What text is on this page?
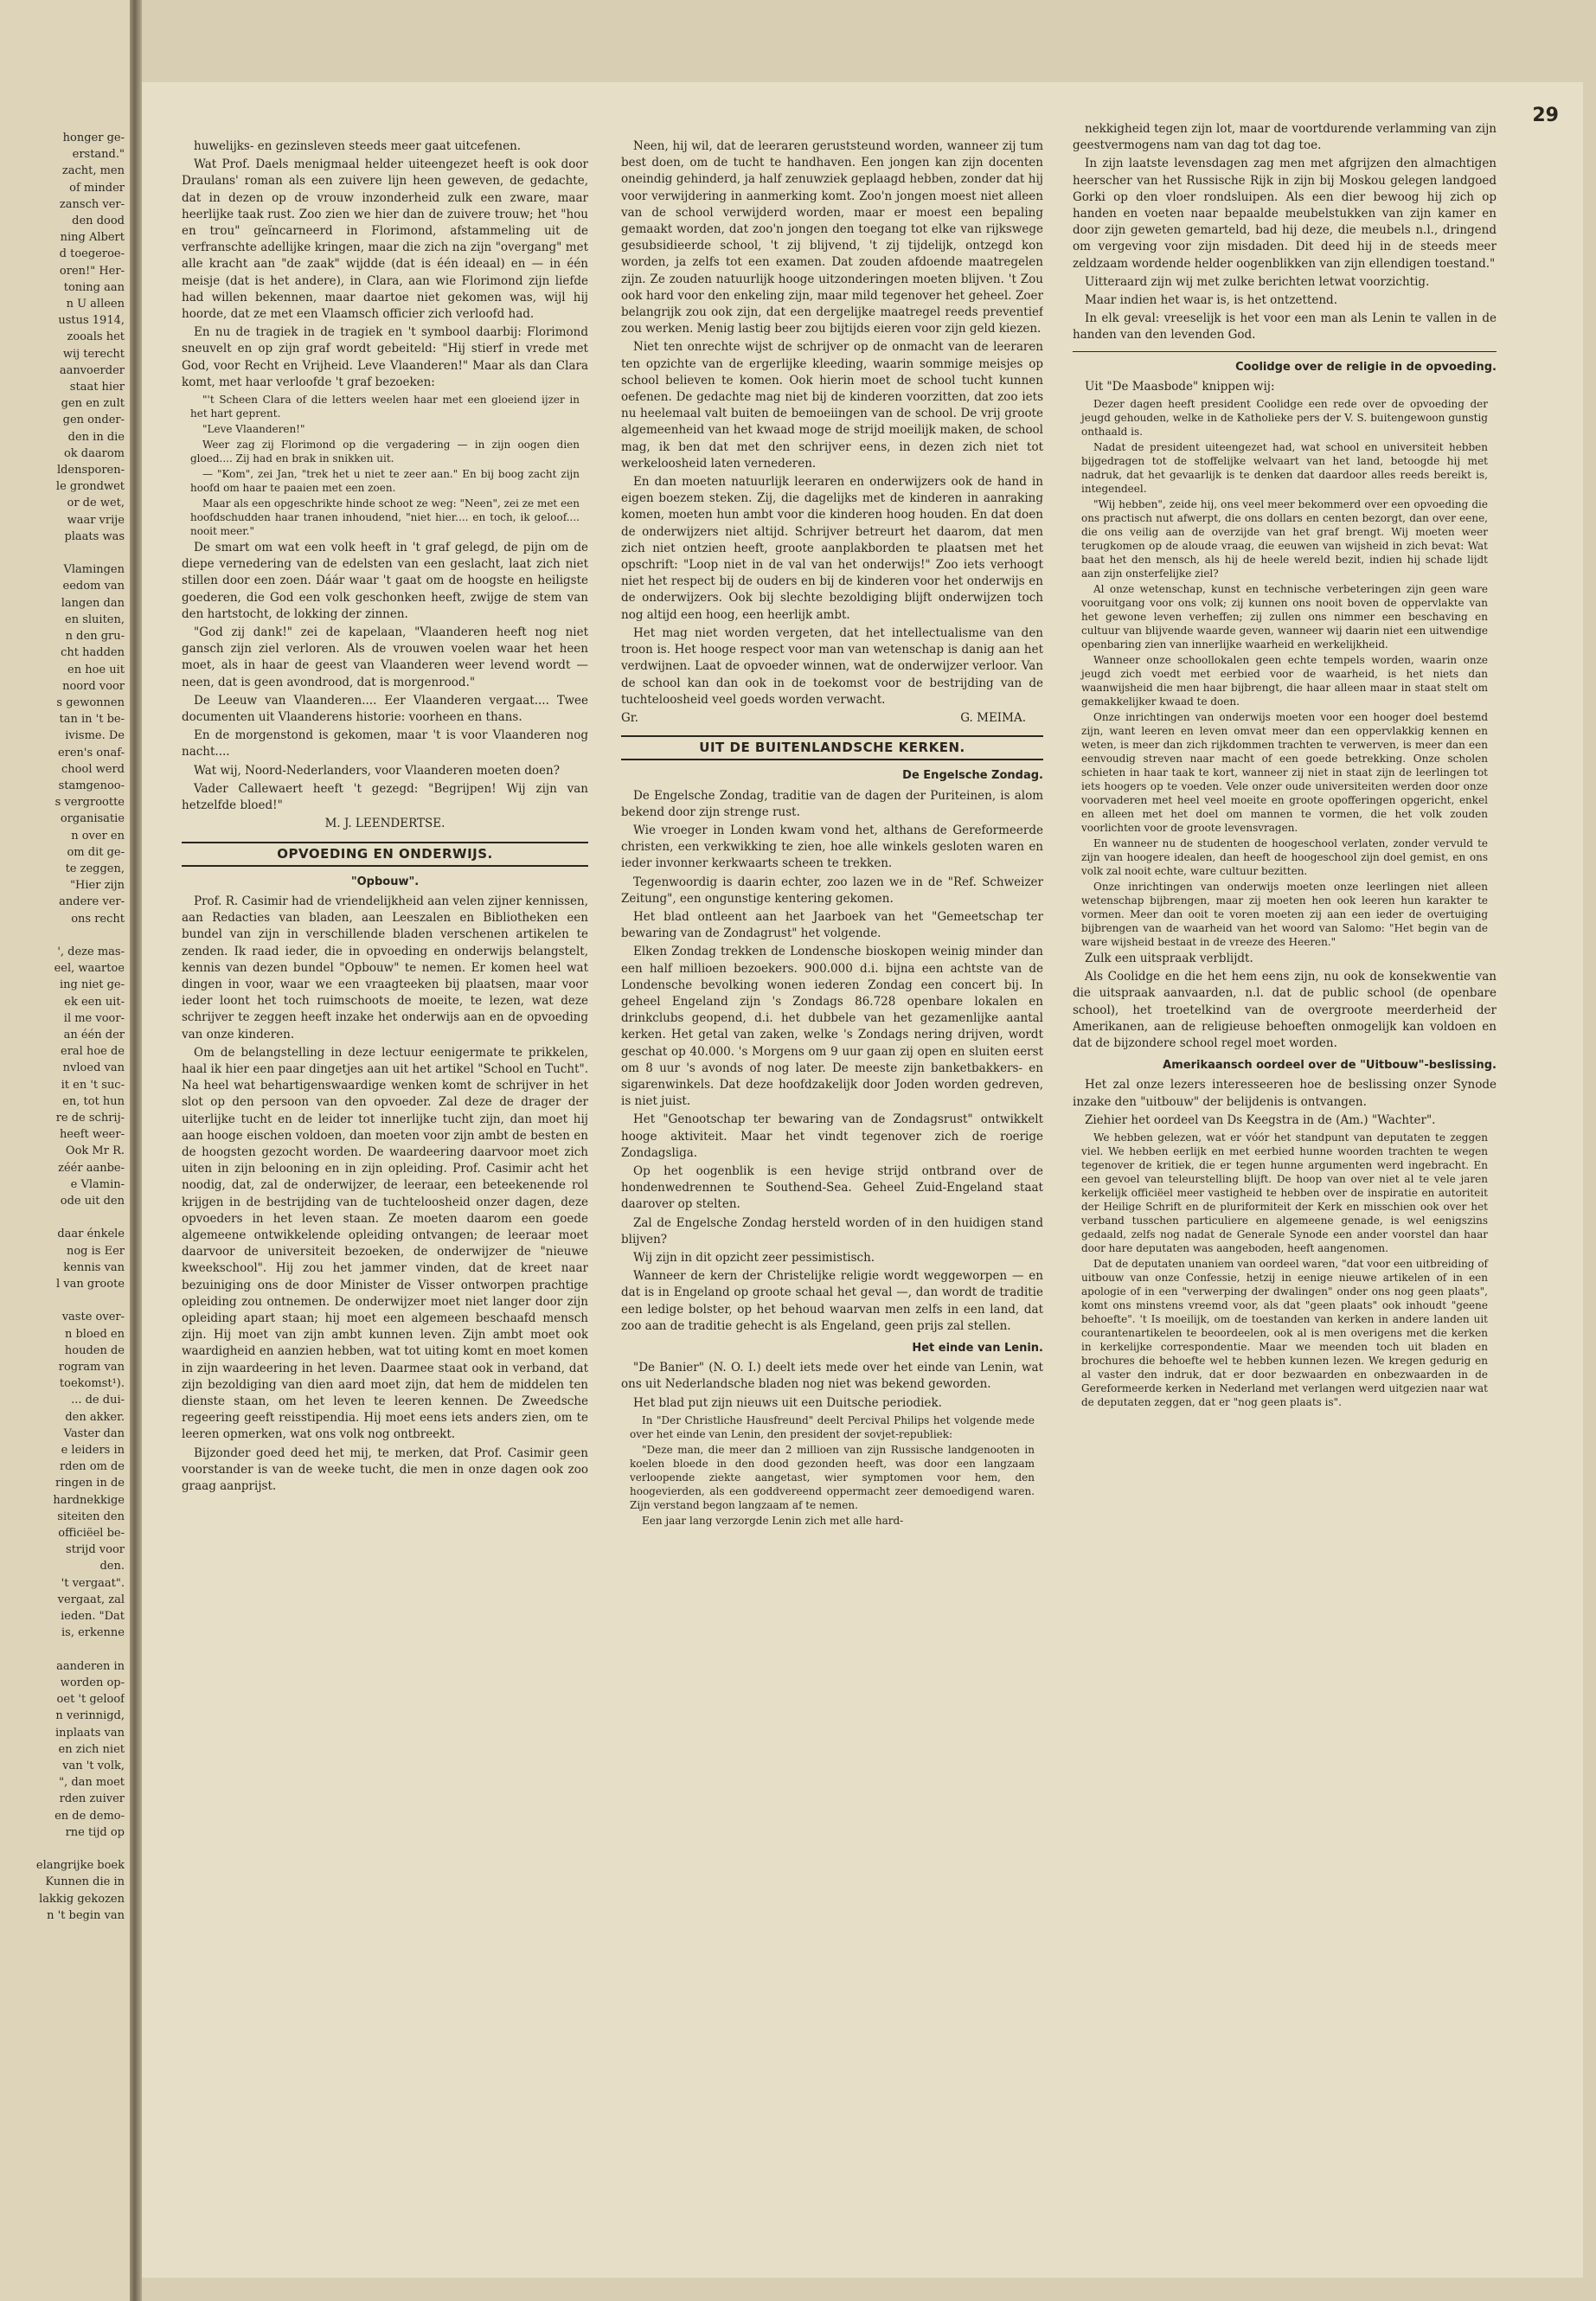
honger ge-
erstand."
zacht, men
of minder
zansch ver-
den dood
ning Albert
d toegeroe-
oren!" Her-
toning aan
n U alleen
ustus 1914,
zooals het
wij terecht
aanvoerder
staat hier
gen en zult
gen onder-
den in die
ok daarom
ldensporen-
le grondwet
or de wet,
waar vrije
plaats was

Vlamingen
eedom van
langen dan
en sluiten,
n den gru-
cht hadden
en hoe uit
noord voor
s gewonnen
tan in 't be-
ivisme. De
eren's onaf-
chool werd
stamgenoo-
s vergrootte
organisatie
n over en
om dit ge-
te zeggen,
"Hier zijn
andere ver-
ons recht

', deze mas-
eel, waartoe
ing niet ge-
ek een uit-
il me voor-
an één der
eral hoe de
nvloed van
it en 't suc-
en, tot hun
re de schrij-
heeft weer-
Ook Mr R.
zéér aanbe-
e Vlamin-
ode uit den

daar énkele
nog is Eer
kennis van
l van groote

vaste over-
n bloed en
houden de
rogram van
toekomst¹).
... de dui-
den akker.
Vaster dan
e leiders in
rden om de
ringen in de
hardnekkige
siteiten den
officiëel be-
strijd voor
den.
't vergaat".
vergaat, zal
ieden. "Dat
is, erkenne

aanderen in
worden op-
oet 't geloof
n verinnigd,
inplaats van
en zich niet
van 't volk,
", dan moet
rden zuiver
en de demo-
rne tijd op

elangrijke boek
Kunnen die in
lakkig gekozen
n 't begin van
29

huwelijks- en gezinsleven steeds meer gaat uitcefenen.

Wat Prof. Daels menigmaal helder uiteengezet heeft is ook door Draulans' roman als een zuivere lijn heen geweven, de gedachte, dat in dezen op de vrouw inzonderheid zulk een zware, maar heerlijke taak rust. Zoo zien we hier dan de zuivere trouw; het "hou en trou" geïncarneerd in Florimond, afstammeling uit de verfranschte adellijke kringen, maar die zich na zijn "overgang" met alle kracht aan "de zaak" wijdde (dat is één ideaal) en — in één meisje (dat is het andere), in Clara, aan wie Florimond zijn liefde had willen bekennen, maar daartoe niet gekomen was, wijl hij hoorde, dat ze met een Vlaamsch officier zich verloofd had.

En nu de tragiek in de tragiek en 't symbool daarbij: Florimond sneuvelt en op zijn graf wordt gebeiteld: "Hij stierf in vrede met God, voor Recht en Vrijheid. Leve Vlaanderen!" Maar als dan Clara komt, met haar verloofde 't graf bezoeken:

"'t Scheen Clara of die letters weelen haar met een gloeiend ijzer in het hart geprent.

"Leve Vlaanderen!"

Weer zag zij Florimond op die vergadering — in zijn oogen dien gloed.... Zij had en brak in snikken uit.

— "Kom", zei Jan, "trek het u niet te zeer aan." En bij boog zacht zijn hoofd om haar te paaien met een zoen.

Maar als een opgeschrikte hinde schoot ze weg: "Neen", zei ze met een hoofdschudden haar tranen inhoudend, "niet hier.... en toch, ik geloof.... nooit meer."

De smart om wat een volk heeft in 't graf gelegd, de pijn om de diepe vernedering van de edelsten van een geslacht, laat zich niet stillen door een zoen. Dáár waar 't gaat om de hoogste en heiligste goederen, die God een volk geschonken heeft, zwijge de stem van den hartstocht, de lokking der zinnen.

"God zij dank!" zei de kapelaan, "Vlaanderen heeft nog niet gansch zijn ziel verloren. Als de vrouwen voelen waar het heen moet, als in haar de geest van Vlaanderen weer levend wordt — neen, dat is geen avondrood, dat is morgenrood."

De Leeuw van Vlaanderen.... Eer Vlaanderen vergaat.... Twee documenten uit Vlaanderens historie: voorheen en thans.

En de morgenstond is gekomen, maar 't is voor Vlaanderen nog nacht....

Wat wij, Noord-Nederlanders, voor Vlaanderen moeten doen?

Vader Callewaert heeft 't gezegd: "Begrijpen! Wij zijn van hetzelfde bloed!"

M. J. LEENDERTSE.

OPVOEDING EN ONDERWIJS.
"Opbouw".

Prof. R. Casimir had de vriendelijkheid aan velen zijner kennissen, aan Redacties van bladen, aan Leeszalen en Bibliotheken een bundel van zijn in verschillende bladen verschenen artikelen te zenden. Ik raad ieder, die in opvoeding en onderwijs belangstelt, kennis van dezen bundel "Opbouw" te nemen. Er komen heel wat dingen in voor, waar we een vraagteeken bij plaatsen, maar voor ieder loont het toch ruimschoots de moeite, te lezen, wat deze schrijver te zeggen heeft inzake het onderwijs aan en de opvoeding van onze kinderen.

Om de belangstelling in deze lectuur eenigermate te prikkelen, haal ik hier een paar dingetjes aan uit het artikel "School en Tucht". Na heel wat behartigenswaardige wenken komt de schrijver in het slot op den persoon van den opvoeder. Zal deze de drager der uiterlijke tucht en de leider tot innerlijke tucht zijn, dan moet hij aan hooge eischen voldoen, dan moeten voor zijn ambt de besten en de hoogsten gezocht worden. De waardeering daarvoor moet zich uiten in zijn belooning en in zijn opleiding. Prof. Casimir acht het noodig, dat, zal de onderwijzer, de leeraar, een beteekenende rol krijgen in de bestrijding van de tuchteloosheid onzer dagen, deze opvoeders in het leven staan. Ze moeten daarom een goede algemeene ontwikkelende opleiding ontvangen; de leeraar moet daarvoor de universiteit bezoeken, de onderwijzer de "nieuwe kweekschool". Hij zou het jammer vinden, dat de kreet naar bezuiniging ons de door Minister de Visser ontworpen prachtige opleiding zou ontnemen. De onderwijzer moet niet langer door zijn opleiding apart staan; hij moet een algemeen beschaafd mensch zijn. Hij moet van zijn ambt kunnen leven. Zijn ambt moet ook waardigheid en aanzien hebben, wat tot uiting komt en moet komen in zijn waardeering in het leven. Daarmee staat ook in verband, dat zijn bezoldiging van dien aard moet zijn, dat hem de middelen ten dienste staan, om het leven te leeren kennen. De Zweedsche regeering geeft reisstipendia. Hij moet eens iets anders zien, om te leeren opmerken, wat ons volk nog ontbreekt.

Bijzonder goed deed het mij, te merken, dat Prof. Casimir geen voorstander is van de weeke tucht, die men in onze dagen ook zoo graag aanprijst.

Neen, hij wil, dat de leeraren geruststeund worden, wanneer zij tum best doen, om de tucht te handhaven. Een jongen kan zijn docenten oneindig gehinderd, ja half zenuwziek geplaagd hebben, zonder dat hij voor verwijdering in aanmerking komt. Zoo'n jongen moest niet alleen van de school verwijderd worden, maar er moest een bepaling gemaakt worden, dat zoo'n jongen den toegang tot elke van rijkswege gesubsidieerde school, 't zij blijvend, 't zij tijdelijk, ontzegd kon worden, ja zelfs tot een examen. Dat zouden afdoende maatregelen zijn. Ze zouden natuurlijk hooge uitzonderingen moeten blijven. 't Zou ook hard voor den enkeling zijn, maar mild tegenover het geheel. Zoer belangrijk zou ook zijn, dat een dergelijke maatregel reeds preventief zou werken. Menig lastig beer zou bijtijds eieren voor zijn geld kiezen.

Niet ten onrechte wijst de schrijver op de onmacht van de leeraren ten opzichte van de ergerlijke kleeding, waarin sommige meisjes op school believen te komen. Ook hierin moet de school tucht kunnen oefenen. De gedachte mag niet bij de kinderen voorzitten, dat zoo iets nu heelemaal valt buiten de bemoeiingen van de school. De vrij groote algemeenheid van het kwaad moge de strijd moeilijk maken, de school mag, ik ben dat met den schrijver eens, in dezen zich niet tot werkeloosheid laten vernederen.

En dan moeten natuurlijk leeraren en onderwijzers ook de hand in eigen boezem steken. Zij, die dagelijks met de kinderen in aanraking komen, moeten hun ambt voor die kinderen hoog houden. En dat doen de onderwijzers niet altijd. Schrijver betreurt het daarom, dat men zich niet ontzien heeft, groote aanplakborden te plaatsen met het opschrift: "Loop niet in de val van het onderwijs!" Zoo iets verhoogt niet het respect bij de ouders en bij de kinderen voor het onderwijs en de onderwijzers. Ook bij slechte bezoldiging blijft onderwijzen toch nog altijd een hoog, een heerlijk ambt.

Het mag niet worden vergeten, dat het intellectualisme van den troon is. Het hooge respect voor man van wetenschap is danig aan het verdwijnen. Laat de opvoeder winnen, wat de onderwijzer verloor. Van de school kan dan ook in de toekomst voor de bestrijding van de tuchteloosheid veel goeds worden verwacht.

Gr.	G. MEIMA.

UIT DE BUITENLANDSCHE KERKEN.
De Engelsche Zondag.

De Engelsche Zondag, traditie van de dagen der Puriteinen, is alom bekend door zijn strenge rust.

Wie vroeger in Londen kwam vond het, althans de Gereformeerde christen, een verkwikking te zien, hoe alle winkels gesloten waren en ieder invonner kerkwaarts scheen te trekken.

Tegenwoordig is daarin echter, zoo lazen we in de "Ref. Schweizer Zeitung", een ongunstige kentering gekomen.

Het blad ontleent aan het Jaarboek van het "Gemeetschap ter bewaring van de Zondagrust" het volgende.

Elken Zondag trekken de Londensche bioskopen weinig minder dan een half millioen bezoekers. 900.000 d.i. bijna een achtste van de Londensche bevolking wonen iederen Zondag een concert bij. In geheel Engeland zijn 's Zondags 86.728 openbare lokalen en drinkclubs geopend, d.i. het dubbele van het gezamenlijke aantal kerken. Het getal van zaken, welke 's Zondags nering drijven, wordt geschat op 40.000. 's Morgens om 9 uur gaan zij open en sluiten eerst om 8 uur 's avonds of nog later. De meeste zijn banketbakkers- en sigarenwinkels. Dat deze hoofdzakelijk door Joden worden gedreven, is niet juist.

Het "Genootschap ter bewaring van de Zondagsrust" ontwikkelt hooge aktiviteit. Maar het vindt tegenover zich de roerige Zondagsliga.

Op het oogenblik is een hevige strijd ontbrand over de hondenwedrennen te Southend-Sea. Geheel Zuid-Engeland staat daarover op stelten.

Zal de Engelsche Zondag hersteld worden of in den huidigen stand blijven?

Wij zijn in dit opzicht zeer pessimistisch.

Wanneer de kern der Christelijke religie wordt weggeworpen — en dat is in Engeland op groote schaal het geval —, dan wordt de traditie een ledige bolster, op het behoud waarvan men zelfs in een land, dat zoo aan de traditie gehecht is als Engeland, geen prijs zal stellen.

Het einde van Lenin.

"De Banier" (N. O. I.) deelt iets mede over het einde van Lenin, wat ons uit Nederlandsche bladen nog niet was bekend geworden.

Het blad put zijn nieuws uit een Duitsche periodiek.

In "Der Christliche Hausfreund" deelt Percival Philips het volgende mede over het einde van Lenin, den president der sovjet-republiek:

"Deze man, die meer dan 2 millioen van zijn Russische landgenooten in koelen bloede in den dood gezonden heeft, was door een langzaam verloopende ziekte aangetast, wier symptomen voor hem, den hoogevierden, als een goddvereend oppermacht zeer demoedigend waren. Zijn verstand begon langzaam af te nemen.

Een jaar lang verzorgde Lenin zich met alle hard-

nekkigheid tegen zijn lot, maar de voortdurende verlamming van zijn geestvermogens nam van dag tot dag toe.

In zijn laatste levensdagen zag men met afgrijzen den almachtigen heerscher van het Russische Rijk in zijn bij Moskou gelegen landgoed Gorki op den vloer rondsluipen. Als een dier bewoog hij zich op handen en voeten naar bepaalde meubelstukken van zijn kamer en door zijn geweten gemarteld, bad hij deze, die meubels n.l., dringend om vergeving voor zijn misdaden. Dit deed hij in de steeds meer zeldzaam wordende helder oogenblikken van zijn ellendigen toestand."

Uitteraard zijn wij met zulke berichten letwat voorzichtig.

Maar indien het waar is, is het ontzettend.

In elk geval: vreeselijk is het voor een man als Lenin te vallen in de handen van den levenden God.

Coolidge over de religie in de opvoeding.

Uit "De Maasbode" knippen wij:

Dezer dagen heeft president Coolidge een rede over de opvoeding der jeugd gehouden, welke in de Katholieke pers der V. S. buitengewoon gunstig onthaald is.

Nadat de president uiteengezet had, wat school en universiteit hebben bijgedragen tot de stoffelijke welvaart van het land, betoogde hij met nadruk, dat het gevaarlijk is te denken dat daardoor alles reeds bereikt is, integendeel.

"Wij hebben", zeide hij, ons veel meer bekommerd over een opvoeding die ons practisch nut afwerpt, die ons dollars en centen bezorgt, dan over eene, die ons veilig aan de overzijde van het graf brengt. Wij moeten weer terugkomen op de aloude vraag, die eeuwen van wijsheid in zich bevat: Wat baat het den mensch, als hij de heele wereld bezit, indien hij schade lijdt aan zijn onsterfelijke ziel?

Al onze wetenschap, kunst en technische verbeteringen zijn geen ware vooruitgang voor ons volk; zij kunnen ons nooit boven de oppervlakte van het gewone leven verheffen; zij zullen ons nimmer een beschaving en cultuur van blijvende waarde geven, wanneer wij daarin niet een uitwendige openbaring zien van innerlijke waarheid en werkelijkheid.

Wanneer onze schoollokalen geen echte tempels worden, waarin onze jeugd zich voedt met eerbied voor de waarheid, is het niets dan waanwijsheid die men haar bijbrengt, die haar alleen maar in staat stelt om gemakkelijker kwaad te doen.

Onze inrichtingen van onderwijs moeten voor een hooger doel bestemd zijn, want leeren en leven omvat meer dan een oppervlakkig kennen en weten, is meer dan zich rijkdommen trachten te verwerven, is meer dan een eenvoudig streven naar macht of een goede betrekking. Onze scholen schieten in haar taak te kort, wanneer zij niet in staat zijn de leerlingen tot iets hoogers op te voeden. Vele onzer oude universiteiten werden door onze voorvaderen met heel veel moeite en groote opofferingen opgericht, enkel en alleen met het doel om mannen te vormen, die het volk zouden voorlichten voor de groote levensvragen.

En wanneer nu de studenten de hoogeschool verlaten, zonder vervuld te zijn van hoogere idealen, dan heeft de hoogeschool zijn doel gemist, en ons volk zal nooit echte, ware cultuur bezitten.

Onze inrichtingen van onderwijs moeten onze leerlingen niet alleen wetenschap bijbrengen, maar zij moeten hen ook leeren hun karakter te vormen. Meer dan ooit te voren moeten zij aan een ieder de overtuiging bijbrengen van de waarheid van het woord van Salomo: "Het begin van de ware wijsheid bestaat in de vreeze des Heeren."

Zulk een uitspraak verblijdt.

Als Coolidge en die het hem eens zijn, nu ook de konsekwentie van die uitspraak aanvaarden, n.l. dat de public school (de openbare school), het troetelkind van de overgroote meerderheid der Amerikanen, aan de religieuse behoeften onmogelijk kan voldoen en dat de bijzondere school regel moet worden.

Amerikaansch oordeel over de "Uitbouw"-beslissing.

Het zal onze lezers interesseeren hoe de beslissing onzer Synode inzake den "uitbouw" der belijdenis is ontvangen.

Ziehier het oordeel van Ds Keegstra in de (Am.) "Wachter".

We hebben gelezen, wat er vóór het standpunt van deputaten te zeggen viel. We hebben eerlijk en met eerbied hunne woorden trachten te wegen tegenover de kritiek, die er tegen hunne argumenten werd ingebracht. En een gevoel van teleurstelling blijft. De hoop van over niet al te vele jaren kerkelijk officiëel meer vastigheid te hebben over de inspiratie en autoriteit der Heilige Schrift en de pluriformiteit der Kerk en misschien ook over het verband tusschen particuliere en algemeene genade, is wel eenigszins gedaald, zelfs nog nadat de Generale Synode een ander voorstel dan haar door hare deputaten was aangeboden, heeft aangenomen.

Dat de deputaten unaniem van oordeel waren, "dat voor een uitbreiding of uitbouw van onze Confessie, hetzij in eenige nieuwe artikelen of in een apologie of in een "verwerping der dwalingen" onder ons nog geen plaats", komt ons minstens vreemd voor, als dat "geen plaats" ook inhoudt "geene behoefte". 't Is moeilijk, om de toestanden van kerken in andere landen uit courantenartikelen te beoordeelen, ook al is men overigens met die kerken in kerkelijke correspondentie. Maar we meenden toch uit bladen en brochures die behoefte wel te hebben kunnen lezen. We kregen gedurig en al vaster den indruk, dat er door bezwaarden en onbezwaarden in de Gereformeerde kerken in Nederland met verlangen werd uitgezien naar wat de deputaten zeggen, dat er "nog geen plaats is".
